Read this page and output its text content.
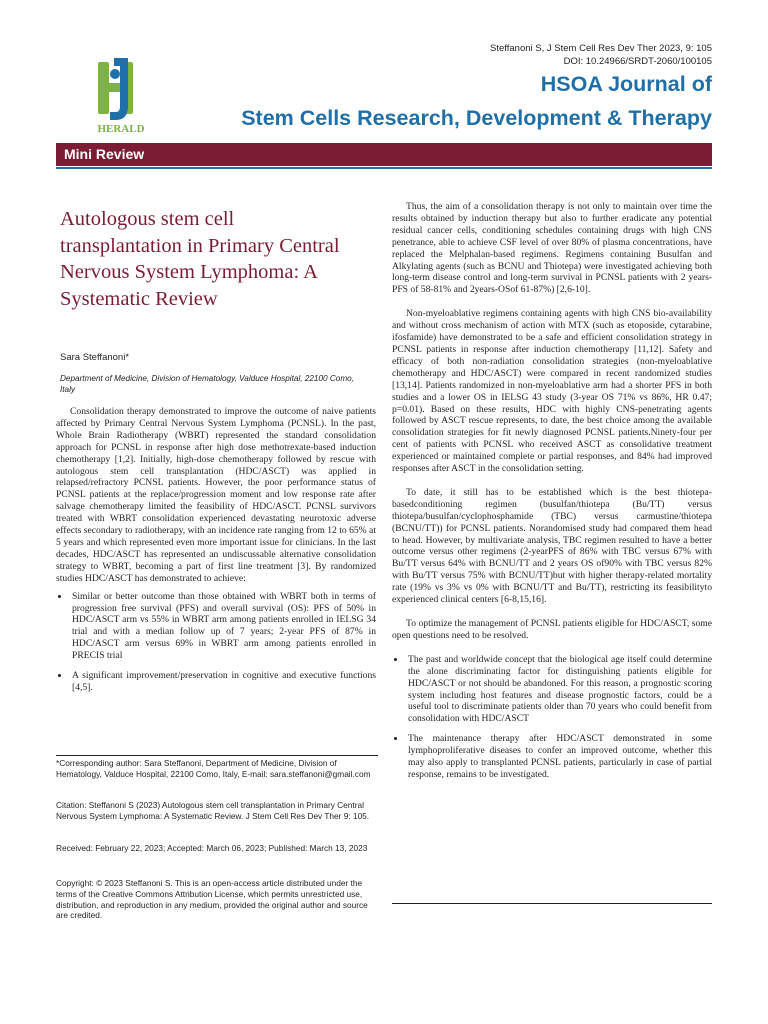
HERALD
Steffanoni S, J Stem Cell Res Dev Ther 2023, 9: 105
DOI: 10.24966/SRDT-2060/100105
HSOA Journal of
Stem Cells Research, Development & Therapy
Mini Review
Autologous stem cell transplantation in Primary Central Nervous System Lymphoma: A Systematic Review
Sara Steffanoni*
Department of Medicine, Division of Hematology, Valduce Hospital, 22100 Como, Italy

Consolidation therapy demonstrated to improve the outcome of naive patients affected by Primary Central Nervous System Lymphoma (PCNSL). In the past, Whole Brain Radiotherapy (WBRT) represented the standard consolidation approach for PCNSL in response after high dose methotrexate-based induction chemotherapy [1,2]. Initially, high-dose chemotherapy followed by rescue with autologous stem cell transplantation (HDC/ASCT) was applied in relapsed/refractory PCNSL patients. However, the poor performance status of PCNSL patients at the replace/progression moment and low response rate after salvage chemotherapy limited the feasibility of HDC/ASCT. PCNSL survivors treated with WBRT consolidation experienced devastating neurotoxic adverse effects secondary to radiotherapy, with an incidence rate ranging from 12 to 65% at 5 years and which represented even more important issue for clinicians. In the last decades, HDC/ASCT has represented an undiscussable alternative consolidation strategy to WBRT, becoming a part of first line treatment [3]. By randomized studies HDC/ASCT has demonstrated to achieve:

• Similar or better outcome than those obtained with WBRT both in terms of progression free survival (PFS) and overall survival (OS): PFS of 50% in HDC/ASCT arm vs 55% in WBRT arm among patients enrolled in IELSG 34 trial and with a median follow up of 7 years; 2-year PFS of 87% in HDC/ASCT arm versus 69% in WBRT arm among patients enrolled in PRECIS trial
• A significant improvement/preservation in cognitive and executive functions [4,5].
*Corresponding author: Sara Steffanoni, Department of Medicine, Division of Hematology, Valduce Hospital, 22100 Como, Italy, E-mail: sara.steffanoni@gmail.com
Citation: Steffanoni S (2023) Autologous stem cell transplantation in Primary Central Nervous System Lymphoma: A Systematic Review. J Stem Cell Res Dev Ther 9: 105.
Received: February 22, 2023; Accepted: March 06, 2023; Published: March 13, 2023
Copyright: © 2023 Steffanoni S. This is an open-access article distributed under the terms of the Creative Commons Attribution License, which permits unrestricted use, distribution, and reproduction in any medium, provided the original author and source are credited.

Thus, the aim of a consolidation therapy is not only to maintain over time the results obtained by induction therapy but also to further eradicate any potential residual cancer cells, conditioning schedules containing drugs with high CNS penetrance, able to achieve CSF level of over 80% of plasma concentrations, have replaced the Melphalan-based regimens. Regimens containing Busulfan and Alkylating agents (such as BCNU and Thiotepa) were investigated achieving both long-term disease control and long-term survival in PCNSL patients with 2 years-PFS of 58-81% and 2years-OSof 61-87%) [2,6-10].

Non-myeloablative regimens containing agents with high CNS bio-availability and without cross mechanism of action with MTX (such as etoposide, cytarabine, ifosfamide) have demonstrated to be a safe and efficient consolidation strategy in PCNSL patients in response after induction chemotherapy [11,12]. Safety and efficacy of both non-radiation consolidation strategies (non-myeloablative chemotherapy and HDC/ASCT) were compared in recent randomized studies [13,14]. Patients randomized in non-myeloablative arm had a shorter PFS in both studies and a lower OS in IELSG 43 study (3-year OS 71% vs 86%, HR 0.47; p=0.01). Based on these results, HDC with highly CNS-penetrating agents followed by ASCT rescue represents, to date, the best choice among the available consolidation strategies for fit newly diagnosed PCNSL patients.Ninety-four per cent of patients with PCNSL who received ASCT as consolidative treatment experienced or maintained complete or partial responses, and 84% had improved responses after ASCT in the consolidation setting.

To date, it still has to be established which is the best thiotepa-basedconditioning regimen (busulfan/thiotepa (Bu/TT) versus thiotepa/busulfan/cyclophosphamide (TBC) versus carmustine/thiotepa (BCNU/TT)) for PCNSL patients. Norandomised study had compared them head to head. However, by multivariate analysis, TBC regimen resulted to have a better outcome versus other regimens (2-yearPFS of 86% with TBC versus 67% with Bu/TT versus 64% with BCNU/TT and 2 years OS of90% with TBC versus 82% with Bu/TT versus 75% with BCNU/TT)but with higher therapy-related mortality rate (19% vs 3% vs 0% with BCNU/TT and Bu/TT), restricting its feasibilityto experienced clinical centers [6-8,15,16].

To optimize the management of PCNSL patients eligible for HDC/ASCT, some open questions need to be resolved.

• The past and worldwide concept that the biological age itself could determine the alone discriminating factor for distinguishing patients eligible for HDC/ASCT or not should be abandoned. For this reason, a prognostic scoring system including host features and disease prognostic factors, could be a useful tool to discriminate patients older than 70 years who could benefit from consolidation with HDC/ASCT
• The maintenance therapy after HDC/ASCT demonstrated in some lymphoproliferative diseases to confer an improved outcome, whether this may also apply to transplanted PCNSL patients, particularly in case of partial response, remains to be investigated.
